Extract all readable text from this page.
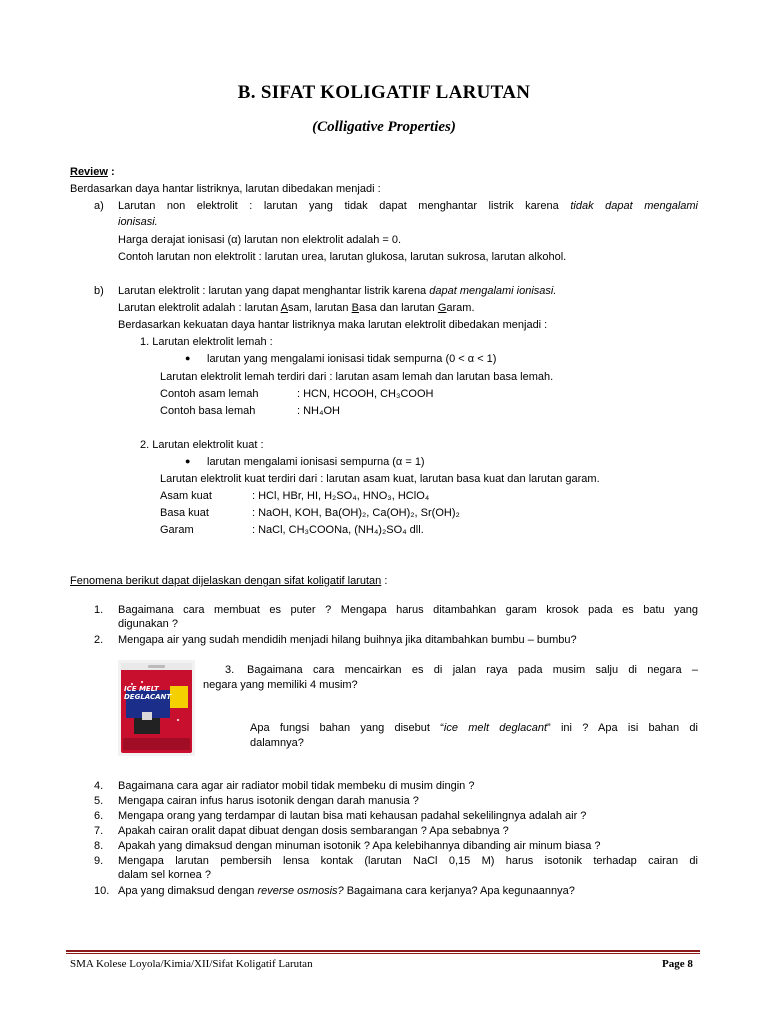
B. SIFAT KOLIGATIF LARUTAN
(Colligative Properties)
Review :
Berdasarkan daya hantar listriknya, larutan dibedakan menjadi :
a) Larutan non elektrolit : larutan yang tidak dapat menghantar listrik karena tidak dapat mengalami
ionisasi.
Harga derajat ionisasi (α) larutan non elektrolit adalah = 0.
Contoh larutan non elektrolit : larutan urea, larutan glukosa, larutan sukrosa, larutan alkohol.
b) Larutan elektrolit : larutan yang dapat menghantar listrik karena dapat mengalami ionisasi.
Larutan elektrolit adalah : larutan Asam, larutan Basa dan larutan Garam.
Berdasarkan kekuatan daya hantar listriknya maka larutan elektrolit dibedakan menjadi :
1. Larutan elektrolit lemah :
● larutan yang mengalami ionisasi tidak sempurna (0 < α < 1)
Larutan elektrolit lemah terdiri dari : larutan asam lemah dan larutan basa lemah.
Contoh asam lemah	: HCN, HCOOH, CH₃COOH
Contoh basa lemah	: NH₄OH
2. Larutan elektrolit kuat :
● larutan mengalami ionisasi sempurna (α = 1)
Larutan elektrolit kuat terdiri dari : larutan asam kuat, larutan basa kuat dan larutan garam.
Asam kuat	: HCl, HBr, HI, H₂SO₄, HNO₃, HClO₄
Basa kuat	: NaOH, KOH, Ba(OH)₂, Ca(OH)₂, Sr(OH)₂
Garam	: NaCl, CH₃COONa, (NH₄)₂SO₄ dll.
Fenomena berikut dapat dijelaskan dengan sifat koligatif larutan :
1. Bagaimana cara membuat es puter ? Mengapa harus ditambahkan garam krosok pada es batu yang
digunakan ?
2. Mengapa air yang sudah mendidih menjadi hilang buihnya jika ditambahkan bumbu – bumbu?
ICE MELT
DEGLACANT
3. Bagaimana cara mencairkan es di jalan raya pada musim salju di negara –
negara yang memiliki 4 musim?
Apa fungsi bahan yang disebut “ice melt deglacant” ini ? Apa isi bahan di
dalamnya?
4. Bagaimana cara agar air radiator mobil tidak membeku di musim dingin ?
5. Mengapa cairan infus harus isotonik dengan darah manusia ?
6. Mengapa orang yang terdampar di lautan bisa mati kehausan padahal sekelilingnya adalah air ?
7. Apakah cairan oralit dapat dibuat dengan dosis sembarangan ? Apa sebabnya ?
8. Apakah yang dimaksud dengan minuman isotonik ? Apa kelebihannya dibanding air minum biasa ?
9. Mengapa larutan pembersih lensa kontak (larutan NaCl 0,15 M) harus isotonik terhadap cairan di
dalam sel kornea ?
10. Apa yang dimaksud dengan reverse osmosis? Bagaimana cara kerjanya? Apa kegunaannya?
SMA Kolese Loyola/Kimia/XII/Sifat Koligatif Larutan	Page 8
